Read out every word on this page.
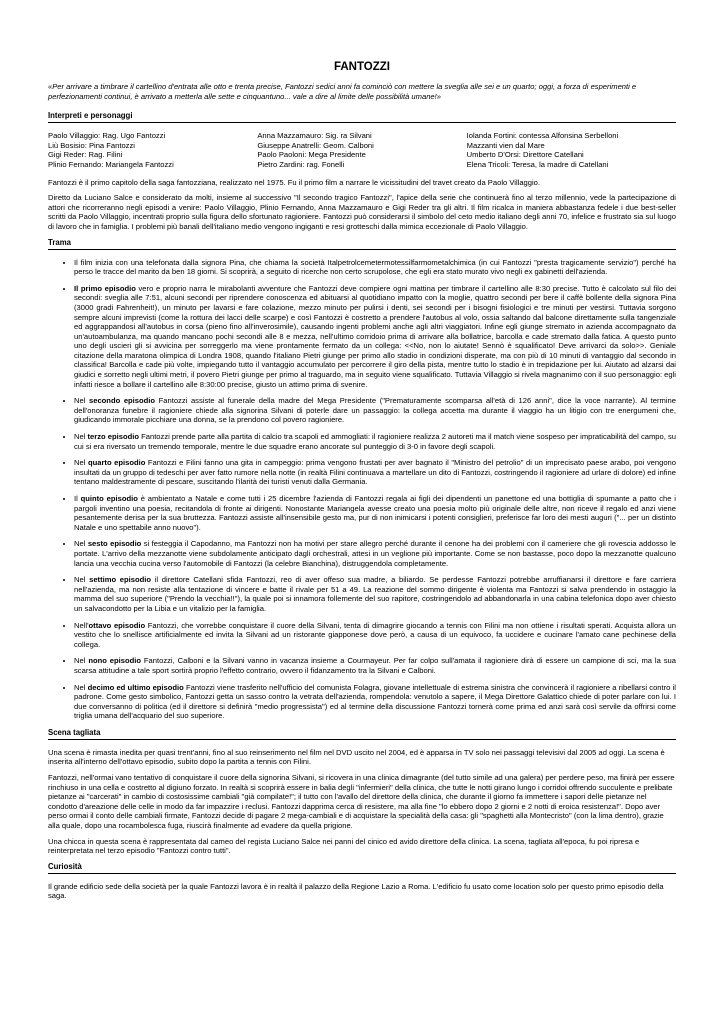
FANTOZZI
«Per arrivare a timbrare il cartellino d'entrata alle otto e trenta precise, Fantozzi sedici anni fa cominciò con mettere la sveglia alle sei e un quarto; oggi, a forza di esperimenti e perfezionamenti continui, è arrivato a metterla alle sette e cinquantuno... vale a dire al limite delle possibilità umane!»
Interpreti e personaggi
Paolo Villaggio: Rag. Ugo Fantozzi
Liù Bosisio: Pina Fantozzi
Gigi Reder: Rag. Filini
Plinio Fernando: Mariangela Fantozzi
Anna Mazzamauro: Sig. ra Silvani
Giuseppe Anatrelli: Geom. Calboni
Paolo Paoloni: Mega Presidente
Pietro Zardini: rag. Fonelli
Iolanda Fortini: contessa Alfonsina Serbelloni
Mazzanti vien dal Mare
Umberto D'Orsi: Direttore Catellani
Elena Tricoli: Teresa, la madre di Catellani

Fantozzi è il primo capitolo della saga fantozziana, realizzato nel 1975. Fu il primo film a narrare le vicissitudini del travet creato da Paolo Villaggio.

Diretto da Luciano Salce e considerato da molti, insieme al successivo "Il secondo tragico Fantozzi", l'apice della serie che continuerà fino al terzo millennio, vede la partecipazione di attori che ricorreranno negli episodi a venire: Paolo Villaggio, Plinio Fernando, Anna Mazzamauro e Gigi Reder tra gli altri. Il film ricalca in maniera abbastanza fedele i due best-seller scritti da Paolo Villaggio, incentrati proprio sulla figura dello sfortunato ragioniere. Fantozzi può considerarsi il simbolo del ceto medio italiano degli anni 70, infelice e frustrato sia sul luogo di lavoro che in famiglia. I problemi più banali dell'italiano medio vengono ingiganti e resi grotteschi dalla mimica eccezionale di Paolo Villaggio.

Trama
• Il film inizia con una telefonata dalla signora Pina, che chiama la società Italpetrolcemetermotessilfarmometalchimica (in cui Fantozzi "presta tragicamente servizio") perché ha perso le tracce del marito da ben 18 giorni. Si scoprirà, a seguito di ricerche non certo scrupolose, che egli era stato murato vivo negli ex gabinetti dell'azienda.
• Il primo episodio vero e proprio narra le mirabolanti avventure che Fantozzi deve compiere ogni mattina per timbrare il cartellino alle 8:30 precise. Tutto è calcolato sul filo dei secondi: sveglia alle 7:51, alcuni secondi per riprendere conoscenza ed abituarsi al quotidiano impatto con la moglie, quattro secondi per bere il caffè bollente della signora Pina (3000 gradi Fahrenheit!), un minuto per lavarsi e fare colazione, mezzo minuto per pulirsi i denti, sei secondi per i bisogni fisiologici e tre minuti per vestirsi. Tuttavia sorgono sempre alcuni imprevisti (come la rottura dei lacci delle scarpe) e così Fantozzi è costretto a prendere l'autobus al volo, ossia saltando dal balcone direttamente sulla tangenziale ed aggrappandosi all'autobus in corsa (pieno fino all'inverosimile), causando ingenti problemi anche agli altri viaggiatori. Infine egli giunge stremato in azienda accompagnato da un'autoambulanza, ma quando mancano pochi secondi alle 8 e mezza, nell'ultimo corridoio prima di arrivare alla bollatrice, barcolla e cade stremato dalla fatica. A questo punto uno degli uscieri gli si avvicina per sorreggerlo ma viene prontamente fermato da un collega: <<No, non lo aiutate! Sennò è squalificato! Deve arrivarci da solo>>. Geniale citazione della maratona olimpica di Londra 1908, quando l'italiano Pietri giunge per primo allo stadio in condizioni disperate, ma con più di 10 minuti di vantaggio dal secondo in classifica! Barcolla e cade più volte, impiegando tutto il vantaggio accumulato per percorrere il giro della pista, mentre tutto lo stadio è in trepidazione per lui. Aiutato ad alzarsi dai giudici e sorretto negli ultimi metri, il povero Pietri giunge per primo al traguardo, ma in seguito viene squalificato. Tuttavia Villaggio si rivela magnanimo con il suo personaggio: egli infatti riesce a bollare il cartellino alle 8:30:00 precise, giusto un attimo prima di svenire.
• Nel secondo episodio Fantozzi assiste al funerale della madre del Mega Presidente ("Prematuramente scomparsa all'età di 126 anni", dice la voce narrante). Al termine dell'onoranza funebre il ragioniere chiede alla signorina Silvani di poterle dare un passaggio: la collega accetta ma durante il viaggio ha un litigio con tre energumeni che, giudicando immorale picchiare una donna, se la prendono col povero ragioniere.
• Nel terzo episodio Fantozzi prende parte alla partita di calcio tra scapoli ed ammogliati: il ragioniere realizza 2 autoreti ma il match viene sospeso per impraticabilità del campo, su cui si era riversato un tremendo temporale, mentre le due squadre erano ancorate sul punteggio di 3-0 in favore degli scapoli.
• Nel quarto episodio Fantozzi e Filini fanno una gita in campeggio: prima vengono frustati per aver bagnato il "Ministro del petrolio" di un imprecisato paese arabo, poi vengono insultati da un gruppo di tedeschi per aver fatto rumore nella notte (in realtà Filini continuava a martellare un dito di Fantozzi, costringendo il ragioniere ad urlare di dolore) ed infine tentano maldestramente di pescare, suscitando l'ilarità dei turisti venuti dalla Germania.
• Il quinto episodio è ambientato a Natale e come tutti i 25 dicembre l'azienda di Fantozzi regala ai figli dei dipendenti un panettone ed una bottiglia di spumante a patto che i pargoli inventino una poesia, recitandola di fronte ai dirigenti. Nonostante Mariangela avesse creato una poesia molto più originale delle altre, non riceve il regalo ed anzi viene pesantemente derisa per la sua bruttezza. Fantozzi assiste all'insensibile gesto ma, pur di non inimicarsi i potenti consiglieri, preferisce far loro dei mesti auguri ("... per un distinto Natale e uno spettabile anno nuovo").
• Nel sesto episodio si festeggia il Capodanno, ma Fantozzi non ha motivi per stare allegro perché durante il cenone ha dei problemi con il cameriere che gli rovescia addosso le portate. L'arrivo della mezzanotte viene subdolamente anticipato dagli orchestrali, attesi in un veglione più importante. Come se non bastasse, poco dopo la mezzanotte qualcuno lancia una vecchia cucina verso l'automobile di Fantozzi (la celebre Bianchina), distruggendola completamente.
• Nel settimo episodio il direttore Catellani sfida Fantozzi, reo di aver offeso sua madre, a biliardo. Se perdesse Fantozzi potrebbe arruffianarsi il direttore e fare carriera nell'azienda, ma non resiste alla tentazione di vincere e batte il rivale per 51 a 49. La reazione del sommo dirigente è violenta ma Fantozzi si salva prendendo in ostaggio la mamma del suo superiore ("Prendo la vecchia!!"), la quale poi si innamora follemente del suo rapitore, costringendolo ad abbandonarla in una cabina telefonica dopo aver chiesto un salvacondotto per la Libia e un vitalizio per la famiglia.
• Nell'ottavo episodio Fantozzi, che vorrebbe conquistare il cuore della Silvani, tenta di dimagrire giocando a tennis con Filini ma non ottiene i risultati sperati. Acquista allora un vestito che lo snellisce artificialmente ed invita la Silvani ad un ristorante giapponese dove però, a causa di un equivoco, fa uccidere e cucinare l'amato cane pechinese della collega.
• Nel nono episodio Fantozzi, Calboni e la Silvani vanno in vacanza insieme a Courmayeur. Per far colpo sull'amata il ragioniere dirà di essere un campione di sci, ma la sua scarsa attitudine a tale sport sortirà proprio l'effetto contrario, ovvero il fidanzamento tra la Silvani e Calboni.
• Nel decimo ed ultimo episodio Fantozzi viene trasferito nell'ufficio del comunista Folagra, giovane intellettuale di estrema sinistra che convincerà il ragioniere a ribellarsi contro il padrone. Come gesto simbolico, Fantozzi getta un sasso contro la vetrata dell'azienda, rompendola: venutolo a sapere, il Mega Direttore Galattico chiede di poter parlare con lui. I due conversanno di politica (ed il direttore si definirà "medio progressista") ed al termine della discussione Fantozzi tornerà come prima ed anzi sarà così servile da offrirsi come triglia umana dell'acquario del suo superiore.
Scena tagliata

Una scena è rimasta inedita per quasi trent'anni, fino al suo reinserimento nel film nel DVD uscito nel 2004, ed è apparsa in TV solo nei passaggi televisivi dal 2005 ad oggi. La scena è inserita all'interno dell'ottavo episodio, subito dopo la partita a tennis con Filini.

Fantozzi, nell'ormai vano tentativo di conquistare il cuore della signorina Silvani, si ricovera in una clinica dimagrante (del tutto simile ad una galera) per perdere peso, ma finirà per essere rinchiuso in una cella e costretto al digiuno forzato. In realtà si scoprirà essere in balia degli "infermieri" della clinica, che tutte le notti girano lungo i corridoi offrendo succulente e prelibate pietanze ai "carcerati" in cambio di costosissime cambiali "già compilate!"; il tutto con l'avallo del direttore della clinica, che durante il giorno fa immettere i sapori delle pietanze nel condotto d'areazione delle celle in modo da far impazzire i reclusi. Fantozzi dapprima cerca di resistere, ma alla fine "lo ebbero dopo 2 giorni e 2 notti di eroica resistenza!". Dopo aver perso ormai il conto delle cambiali firmate, Fantozzi decide di pagare 2 mega-cambiali e di acquistare la specialità della casa: gli "spaghetti alla Montecristo" (con la lima dentro), grazie alla quale, dopo una rocambolesca fuga, riuscirà finalmente ad evadere da quella prigione.

Una chicca in questa scena è rappresentata dal cameo del regista Luciano Salce nei panni del cinico ed avido direttore della clinica. La scena, tagliata all'epoca, fu poi ripresa e reinterpretata nel terzo episodio "Fantozzi contro tutti".

Curiosità

Il grande edificio sede della società per la quale Fantozzi lavora è in realtà il palazzo della Regione Lazio a Roma. L'edificio fu usato come location solo per questo primo episodio della saga.
